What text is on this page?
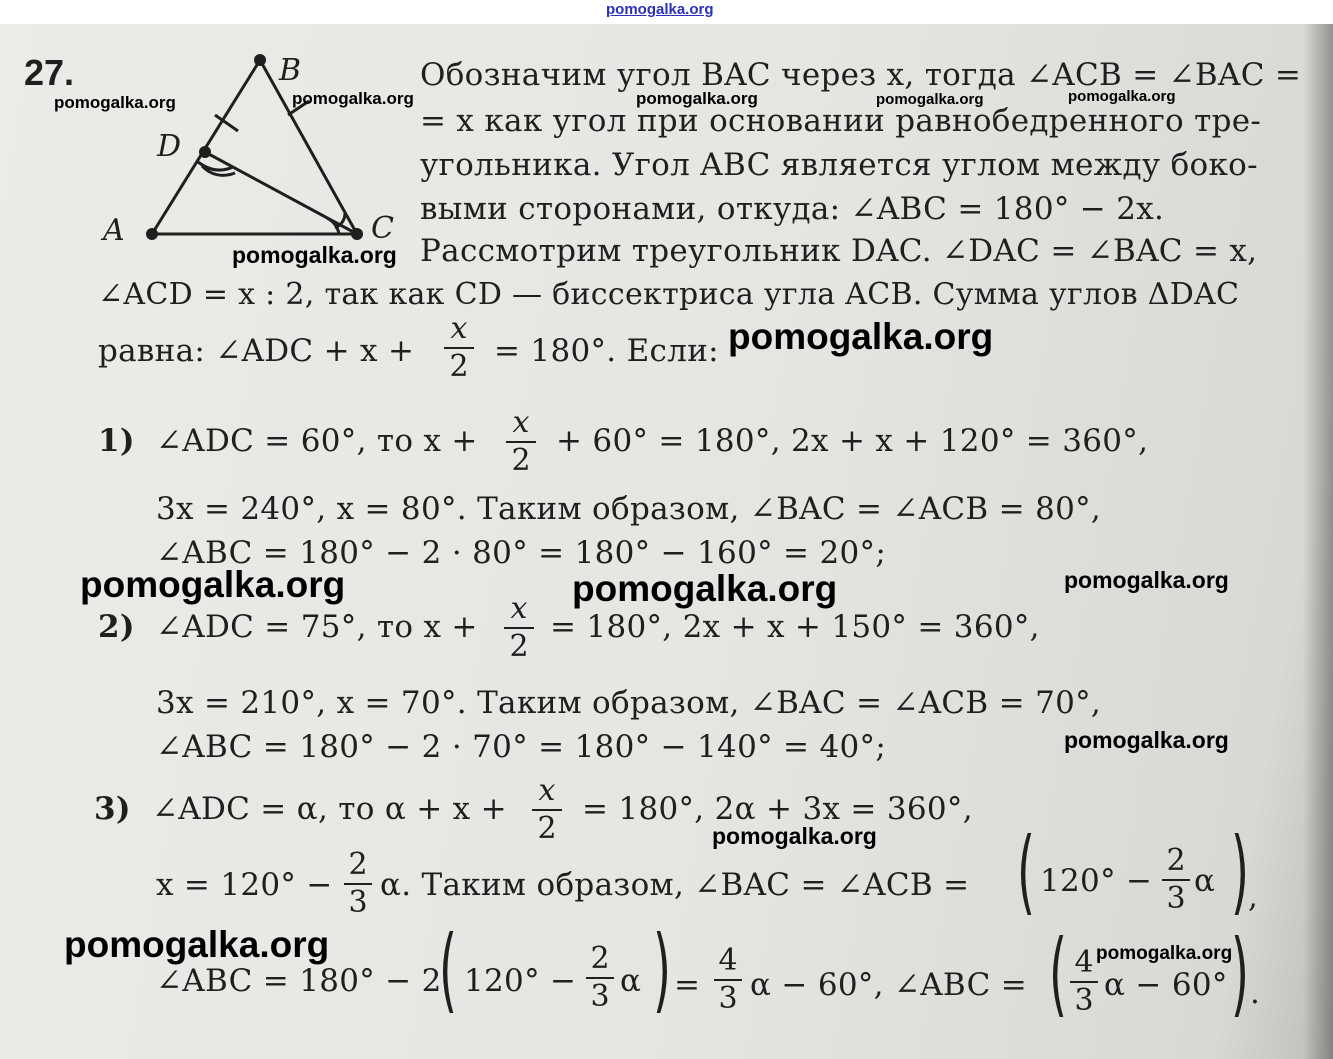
pomogalka.org
27.	B
D
A	C
Обозначим угол BAC через x, тогда ∠ACB = ∠BAC =
= x как угол при основании равнобедренного тре-
угольника. Угол ABC является углом между боко-
выми сторонами, откуда: ∠ABC = 180° − 2x.
Рассмотрим треугольник DAC. ∠DAC = ∠BAC = x,
∠ACD = x : 2, так как CD — биссектриса угла ACB. Сумма углов ΔDAC
равна: ∠ADC + x +
x
2 = 180°. Если:
1) ∠ADC = 60°, то x +
x
2
+ 60° = 180°, 2x + x + 120° = 360°,
3x = 240°, x = 80°. Таким образом, ∠BAC = ∠ACB = 80°,
∠ABC = 180° − 2 · 80° = 180° − 160° = 20°;
2) ∠ADC = 75°, то x +
x
2
= 180°, 2x + x + 150° = 360°,
3x = 210°, x = 70°. Таким образом, ∠BAC = ∠ACB = 70°,
∠ABC = 180° − 2 · 70° = 180° − 140° = 40°;
3) ∠ADC = α, то α + x +
x
2
= 180°, 2α + 3x = 360°,
x = 120° −
2
3 α. Таким образом, ∠BAC = ∠ACB = ( 120° −
2
3 α ) ,
∠ABC = 180° − 2
( 120° −
2
3 α ) =
4
3 α − 60°, ∠ABC = ( 4
3 α − 60° ) .
pomogalka.org	pomogalka.org	pomogalka.org	pomogalka.org	pomogalka.org
pomogalka.org
pomogalka.org
pomogalka.org	pomogalka.org	pomogalka.org
pomogalka.org
pomogalka.org
pomogalka.org	pomogalka.org
